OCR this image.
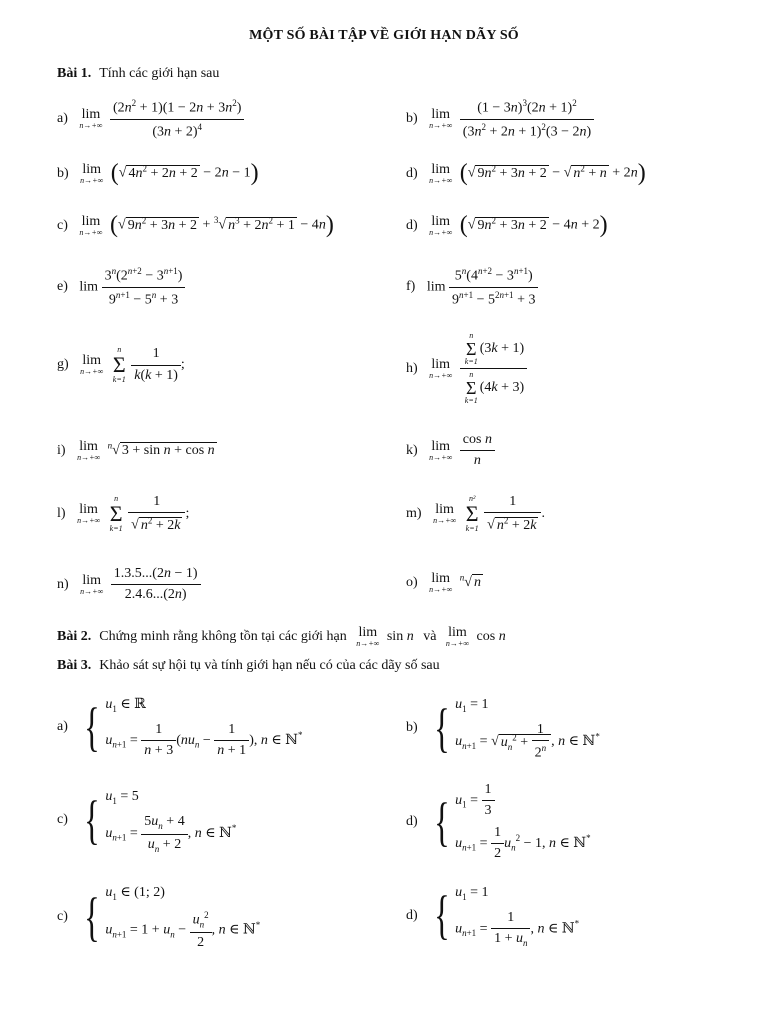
MỘT SỐ BÀI TẬP VỀ GIỚI HẠN DÃY SỐ
Bài 1. Tính các giới hạn sau
a) lim
n→+∞
$\frac{(2n^2 + 1)(1 - 2n + 3n^2)}{(3n + 2)^4}$	b) lim
n→+∞
$\frac{(1 - 3n)^3(2n + 1)^2}{(3n^2 + 2n + 1)^2(3 - 2n)}$
b) lim
n→+∞ (√ $4n^2 + 2n + 2 - 2n - 1$)	d) lim
n→+∞ (√ $9n^2 + 3n + 2$ − √ $n^2 + n + 2n$)
c) lim
n→+∞ (√ $9n^2 + 3n + 2 + ^3√$ $n^3 + 2n^2 + 1 - 4n$)	d) lim
n→+∞ (√ $9n^2 + 3n + 2 - 4n + 2$)
e) $\lim \frac{3^n(2^{n+2} - 3^{n+1})}{9^{n+1} - 5^n + 3}$	f) $\lim \frac{5^n(4^{n+2} - 3^{n+1})}{9^{n+1} - 5^{2n+1} + 3}$
g) lim
n→+∞

n
Σ
k=1
$\frac{1}{k(k + 1)}$ ;	h) lim
n→+∞
n
Σ
k=1
(3k + 1)
n
Σ
k=1
(4k + 3)
i) lim
n→+∞
$^n$√ 3 + sin n + cos n	k) lim
n→+∞
$\frac{\text{cos n}}{n}$
l) lim
n→+∞

n
Σ
k=1
$\frac{1}{√ n^2 + 2k}$ ;	m) lim
n→+∞

n²
Σ
k=1
$\frac{1}{√ n^2 + 2k}$ .
n) lim
n→+∞
$\frac{1.3.5...(2n - 1)}{2.4.6...(2n)}$	o) lim
n→+∞
$^n$√ n
Bài 2. Chứng minh rằng không tồn tại các giới hạn lim
n→+∞ sin n và lim
n→+∞ cos n
Bài 3. Khảo sát sự hội tụ và tính giới hạn nếu có của các dãy số sau
a) { $u_1$ ∈ ℝ
$u_{n+1} = \frac{1}{n + 3} (nu_n - \frac{1}{n + 1}$ ), n ∈ ℕ*
b) { $u_1 = 1$
$u_{n+1}$ = √ $u_n^2 + \frac{1}{2^n}$ , n ∈ ℕ*
c) { $u_1 = 5$
$u_{n+1} = \frac{5u_n + 4}{u_n + 2}$ , n ∈ ℕ*	d) { $u_1 = \frac{1}{3}$
$u_{n+1} = \frac{1}{2} u_n^2 - 1$, n ∈ ℕ*
c) { $u_1$ ∈ (1; 2)
$u_{n+1} = 1 + u_n - \frac{u_n^2}{2}$ , n ∈ ℕ*
d) { $u_1 = 1$
$u_{n+1} = \frac{1}{1 + u_n}$ , n ∈ ℕ*
